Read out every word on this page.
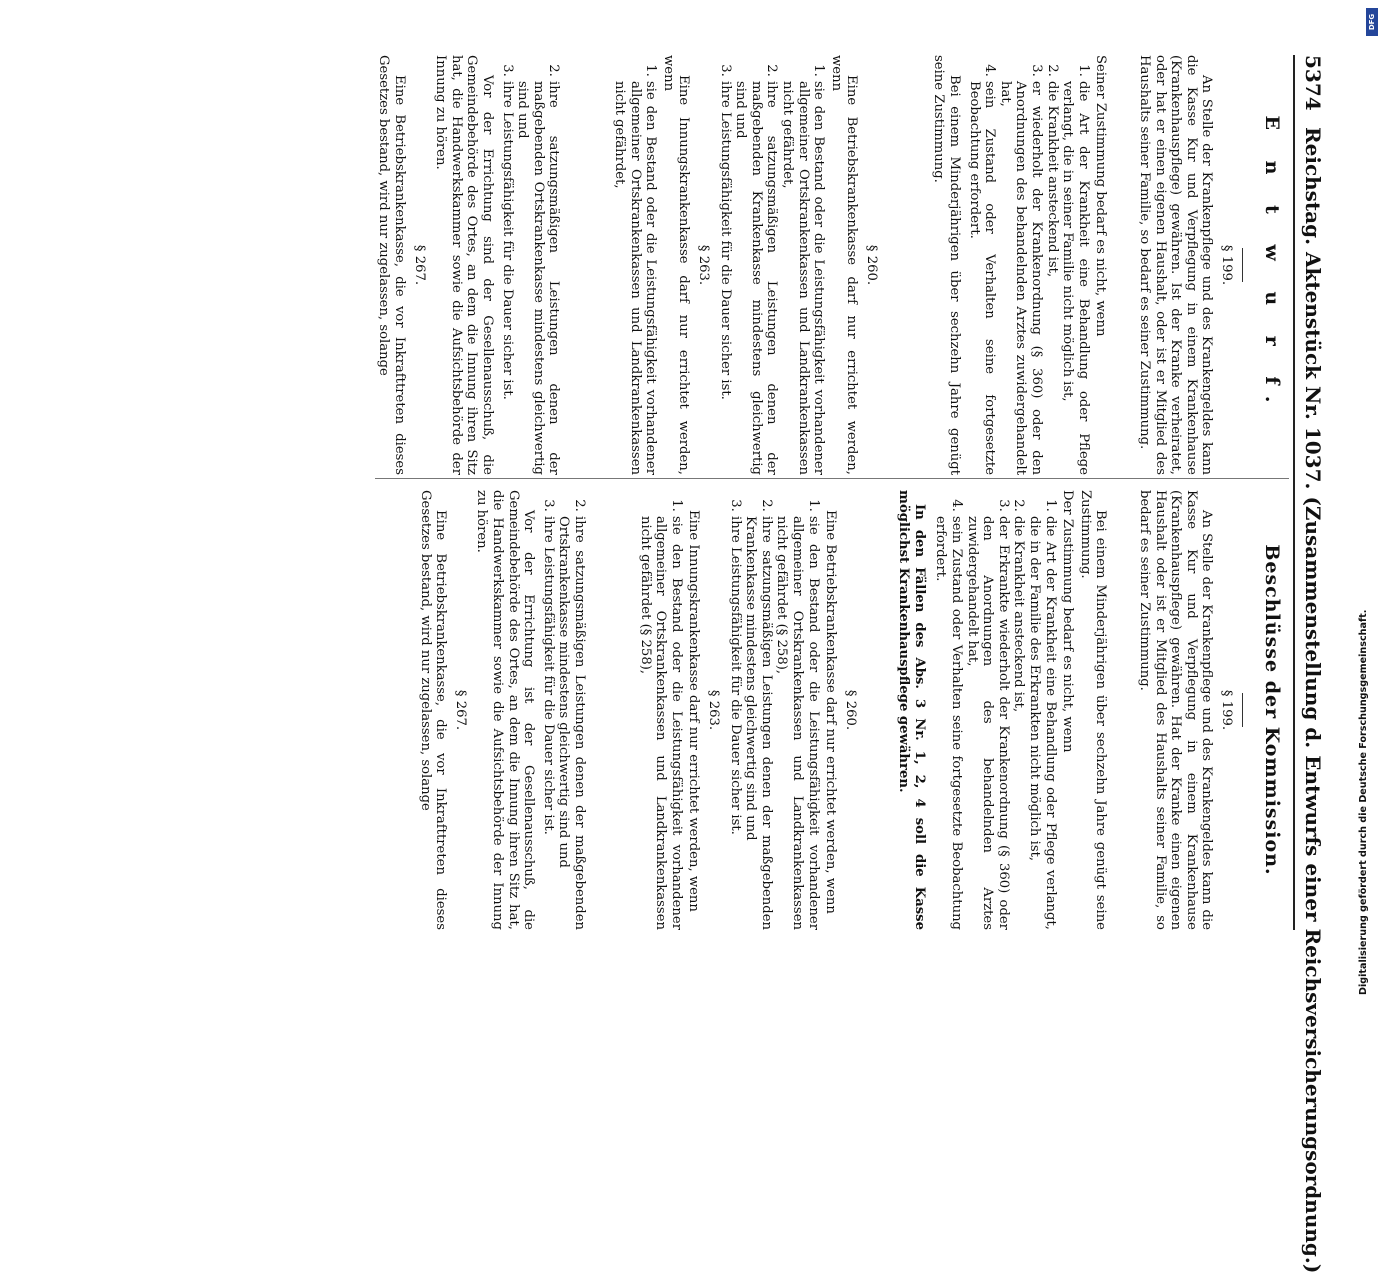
5374
Reichstag. Aktenstück Nr. 1037. (Zusammenstellung d. Entwurfs einer Reichsversicherungsordnung.)
E n t w u r f.
§ 199.

An Stelle der Krankenpflege und des Krankengeldes kann die Kasse Kur und Verpflegung in einem Krankenhause (Krankenhauspflege) gewähren. Ist der Kranke verheiratet, oder hat er einen eigenen Haushalt, oder ist er Mitglied des Haushalts seiner Familie, so bedarf es seiner Zustimmung.

Seiner Zustimmung bedarf es nicht, wenn

1. die Art der Krankheit eine Behandlung oder Pflege verlangt, die in seiner Familie nicht möglich ist,
2. die Krankheit ansteckend ist,
3. er wiederholt der Krankenordnung (§ 360) oder den Anordnungen des behandelnden Arztes zuwidergehandelt hat,
4. sein Zustand oder Verhalten seine fortgesetzte Beobachtung erfordert.

Bei einem Minderjährigen über sechzehn Jahre genügt seine Zustimmung.

§ 260.

Eine Betriebskrankenkasse darf nur errichtet werden, wenn

1. sie den Bestand oder die Leistungsfähigkeit vorhandener allgemeiner Ortskrankenkassen und Landkrankenkassen nicht gefährdet,
2. ihre satzungsmäßigen Leistungen denen der maßgebenden Krankenkasse mindestens gleichwertig sind und
3. ihre Leistungsfähigkeit für die Dauer sicher ist.
§ 263.

Eine Innungskrankenkasse darf nur errichtet werden, wenn

1. sie den Bestand oder die Leistungsfähigkeit vorhandener allgemeiner Ortskrankenkassen und Landkrankenkassen nicht gefährdet,
2. ihre satzungsmäßigen Leistungen denen der maßgebenden Ortskrankenkasse mindestens gleichwertig sind und
3. ihre Leistungsfähigkeit für die Dauer sicher ist.

Vor der Errichtung sind der Gesellenausschuß, die Gemeindebehörde des Ortes, an dem die Innung ihren Sitz hat, die Handwerkskammer sowie die Aufsichtsbehörde der Innung zu hören.

§ 267.

Eine Betriebskrankenkasse, die vor Inkrafttreten dieses Gesetzes bestand, wird nur zugelassen, solange

Beschlüsse der Kommission.
§ 199.

An Stelle der Krankenpflege und des Krankengeldes kann die Kasse Kur und Verpflegung in einem Krankenhause (Krankenhauspflege) gewähren. Hat der Kranke einen eigenen Haushalt oder ist er Mitglied des Haushalts seiner Familie, so bedarf es seiner Zustimmung.

Bei einem Minderjährigen über sechzehn Jahre genügt seine Zustimmung.

Der Zustimmung bedarf es nicht, wenn

1. die Art der Krankheit eine Behandlung oder Pflege verlangt, die in der Familie des Erkrankten nicht möglich ist,
2. die Krankheit ansteckend ist,
3. der Erkrankte wiederholt der Krankenordnung (§ 360) oder den Anordnungen des behandelnden Arztes zuwidergehandelt hat,
4. sein Zustand oder Verhalten seine fortgesetzte Beobachtung erfordert.
In den Fällen des Abs. 3 Nr. 1, 2, 4 soll die Kasse möglichst Krankenhauspflege gewähren.
§ 260.

Eine Betriebskrankenkasse darf nur errichtet werden, wenn

1. sie den Bestand oder die Leistungsfähigkeit vorhandener allgemeiner Ortskrankenkassen und Landkrankenkassen nicht gefährdet (§ 258),
2. ihre satzungsmäßigen Leistungen denen der maßgebenden Krankenkasse mindestens gleichwertig sind und
3. ihre Leistungsfähigkeit für die Dauer sicher ist.
§ 263.

Eine Innungskrankenkasse darf nur errichtet werden, wenn

1. sie den Bestand oder die Leistungsfähigkeit vorhandener allgemeiner Ortskrankenkassen und Landkrankenkassen nicht gefährdet (§ 258),
2. ihre satzungsmäßigen Leistungen denen der maßgebenden Ortskrankenkasse mindestens gleichwertig sind und
3. ihre Leistungsfähigkeit für die Dauer sicher ist.

Vor der Errichtung ist der Gesellenausschuß, die Gemeindebehörde des Ortes, an dem die Innung ihren Sitz hat, die Handwerkskammer sowie die Aufsichtsbehörde der Innung zu hören.

§ 267.

Eine Betriebskrankenkasse, die vor Inkrafttreten dieses Gesetzes bestand, wird nur zugelassen, solange	Digitalisierung gefördert durch die Deutsche Forschungsgemeinschaft.
DFG
